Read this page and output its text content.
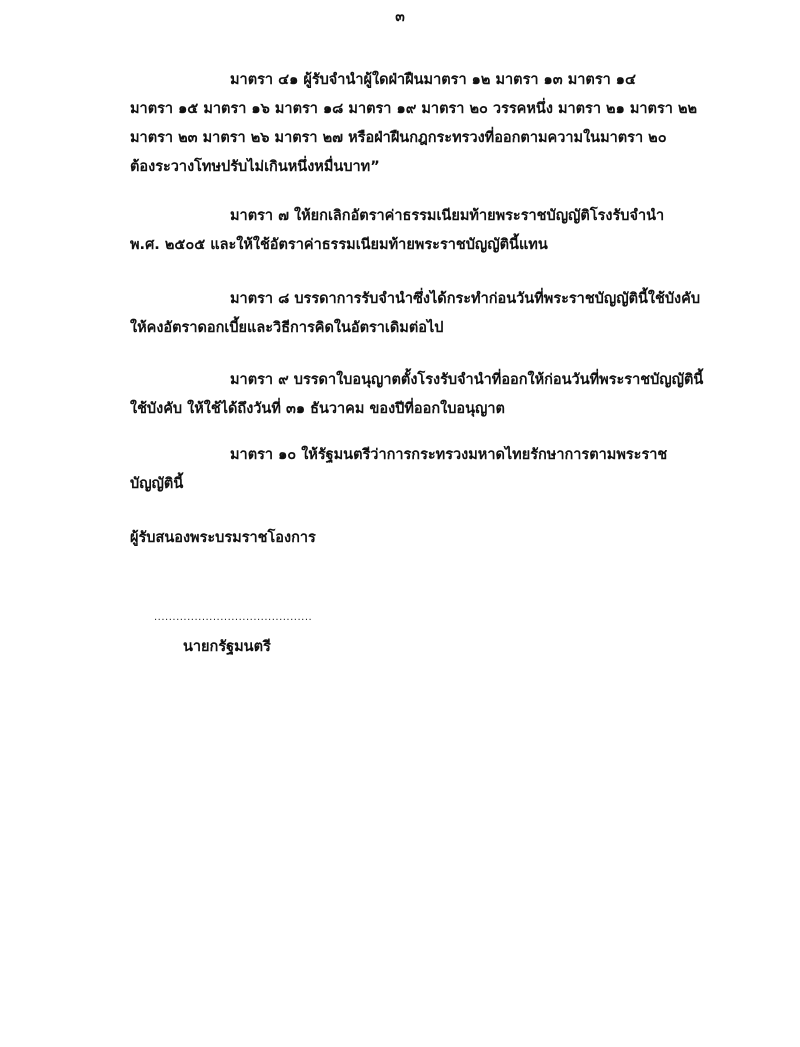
๓
มาตรา ๔๑ ผู้รับจำนำผู้ใดฝ่าฝืนมาตรา ๑๒ มาตรา ๑๓ มาตรา ๑๔
มาตรา ๑๕ มาตรา ๑๖ มาตรา ๑๘ มาตรา ๑๙ มาตรา ๒๐ วรรคหนึ่ง มาตรา ๒๑ มาตรา ๒๒
มาตรา ๒๓ มาตรา ๒๖ มาตรา ๒๗ หรือฝ่าฝืนกฎกระทรวงที่ออกตามความในมาตรา ๒๐
ต้องระวางโทษปรับไม่เกินหนึ่งหมื่นบาท”
มาตรา ๗ ให้ยกเลิกอัตราค่าธรรมเนียมท้ายพระราชบัญญัติโรงรับจำนำ
พ.ศ. ๒๕๐๕ และให้ใช้อัตราค่าธรรมเนียมท้ายพระราชบัญญัตินี้แทน
มาตรา ๘ บรรดาการรับจำนำซึ่งได้กระทำก่อนวันที่พระราชบัญญัตินี้ใช้บังคับ
ให้คงอัตราดอกเบี้ยและวิธีการคิดในอัตราเดิมต่อไป
มาตรา ๙ บรรดาใบอนุญาตตั้งโรงรับจำนำที่ออกให้ก่อนวันที่พระราชบัญญัตินี้
ใช้บังคับ ให้ใช้ได้ถึงวันที่ ๓๑ ธันวาคม ของปีที่ออกใบอนุญาต
มาตรา ๑๐ ให้รัฐมนตรีว่าการกระทรวงมหาดไทยรักษาการตามพระราช
บัญญัตินี้
ผู้รับสนองพระบรมราชโองการ
...........................................
นายกรัฐมนตรี
